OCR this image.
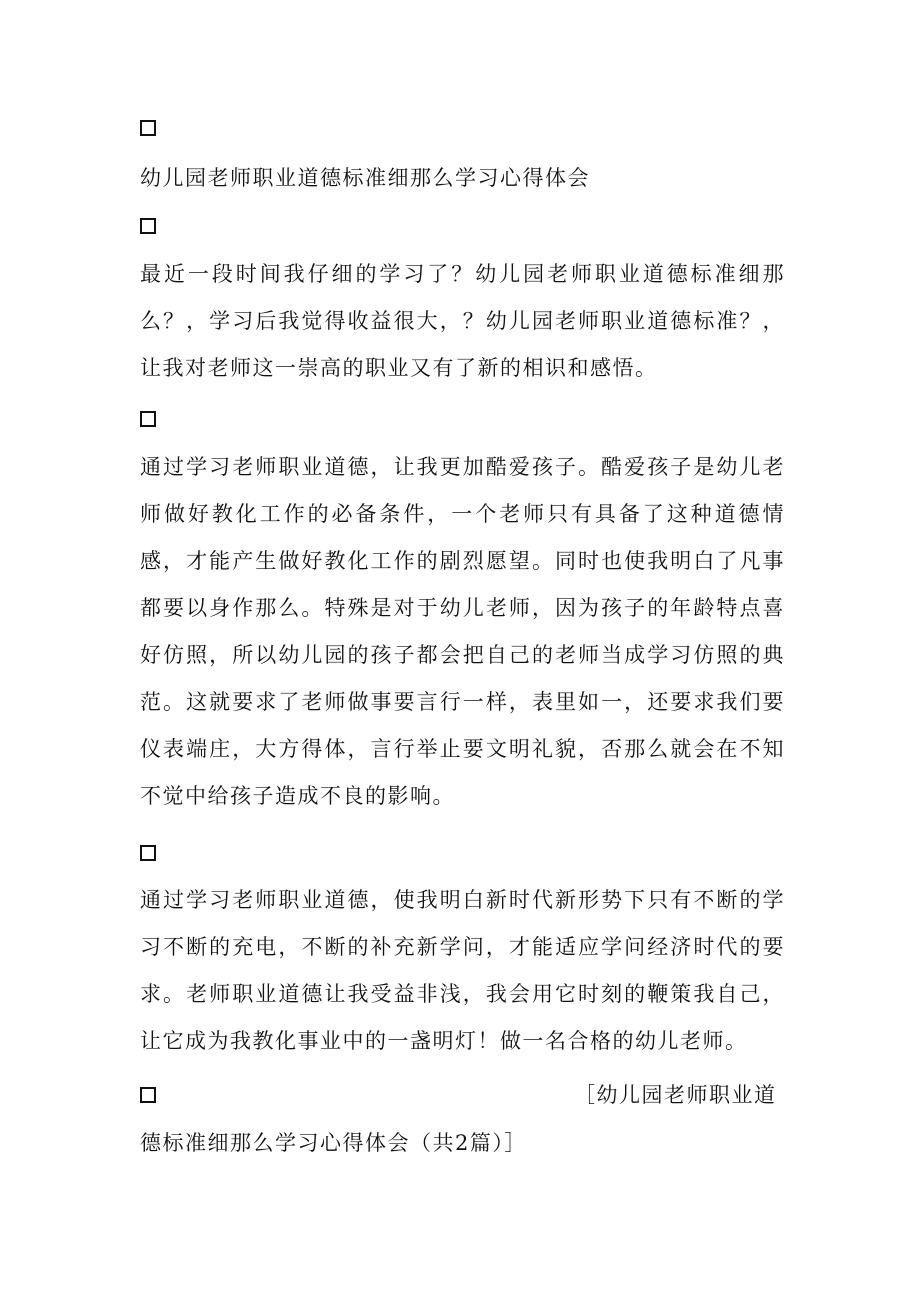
幼儿园老师职业道德标准细那么学习心得体会
最近一段时间我仔细的学习了？幼儿园老师职业道德标准细那么？，学习后我觉得收益很大，？幼儿园老师职业道德标准？，让我对老师这一崇高的职业又有了新的相识和感悟。
通过学习老师职业道德，让我更加酷爱孩子。酷爱孩子是幼儿老师做好教化工作的必备条件，一个老师只有具备了这种道德情感，才能产生做好教化工作的剧烈愿望。同时也使我明白了凡事都要以身作那么。特殊是对于幼儿老师，因为孩子的年龄特点喜好仿照，所以幼儿园的孩子都会把自己的老师当成学习仿照的典范。这就要求了老师做事要言行一样，表里如一，还要求我们要仪表端庄，大方得体，言行举止要文明礼貌，否那么就会在不知不觉中给孩子造成不良的影响。
通过学习老师职业道德，使我明白新时代新形势下只有不断的学习不断的充电，不断的补充新学问，才能适应学问经济时代的要求。老师职业道德让我受益非浅，我会用它时刻的鞭策我自己，让它成为我教化事业中的一盏明灯！做一名合格的幼儿老师。
［幼儿园老师职业道
德标准细那么学习心得体会（共2篇）］
